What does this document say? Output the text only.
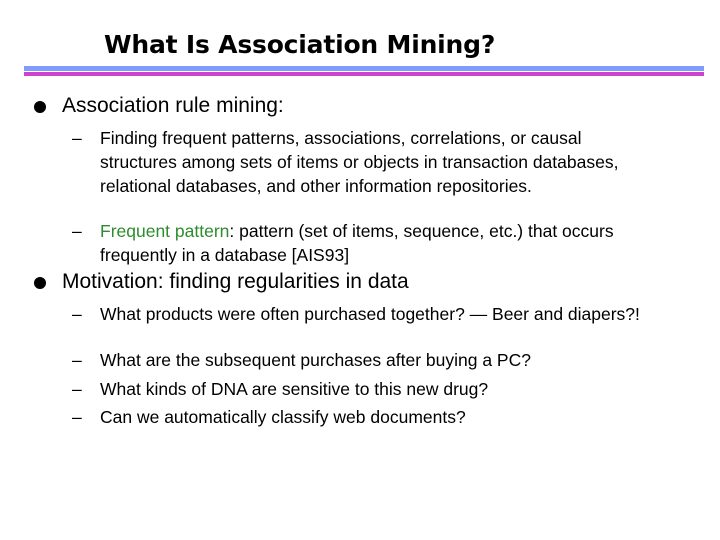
What Is Association Mining?
Association rule mining:
–	Finding frequent patterns, associations, correlations, or causal structures among sets of items or objects in transaction databases, relational databases, and other information repositories.
–	Frequent pattern: pattern (set of items, sequence, etc.) that occurs frequently in a database [AIS93]
Motivation: finding regularities in data
–	What products were often purchased together? — Beer and diapers?!
–	What are the subsequent purchases after buying a PC?
–	What kinds of DNA are sensitive to this new drug?
–	Can we automatically classify web documents?
